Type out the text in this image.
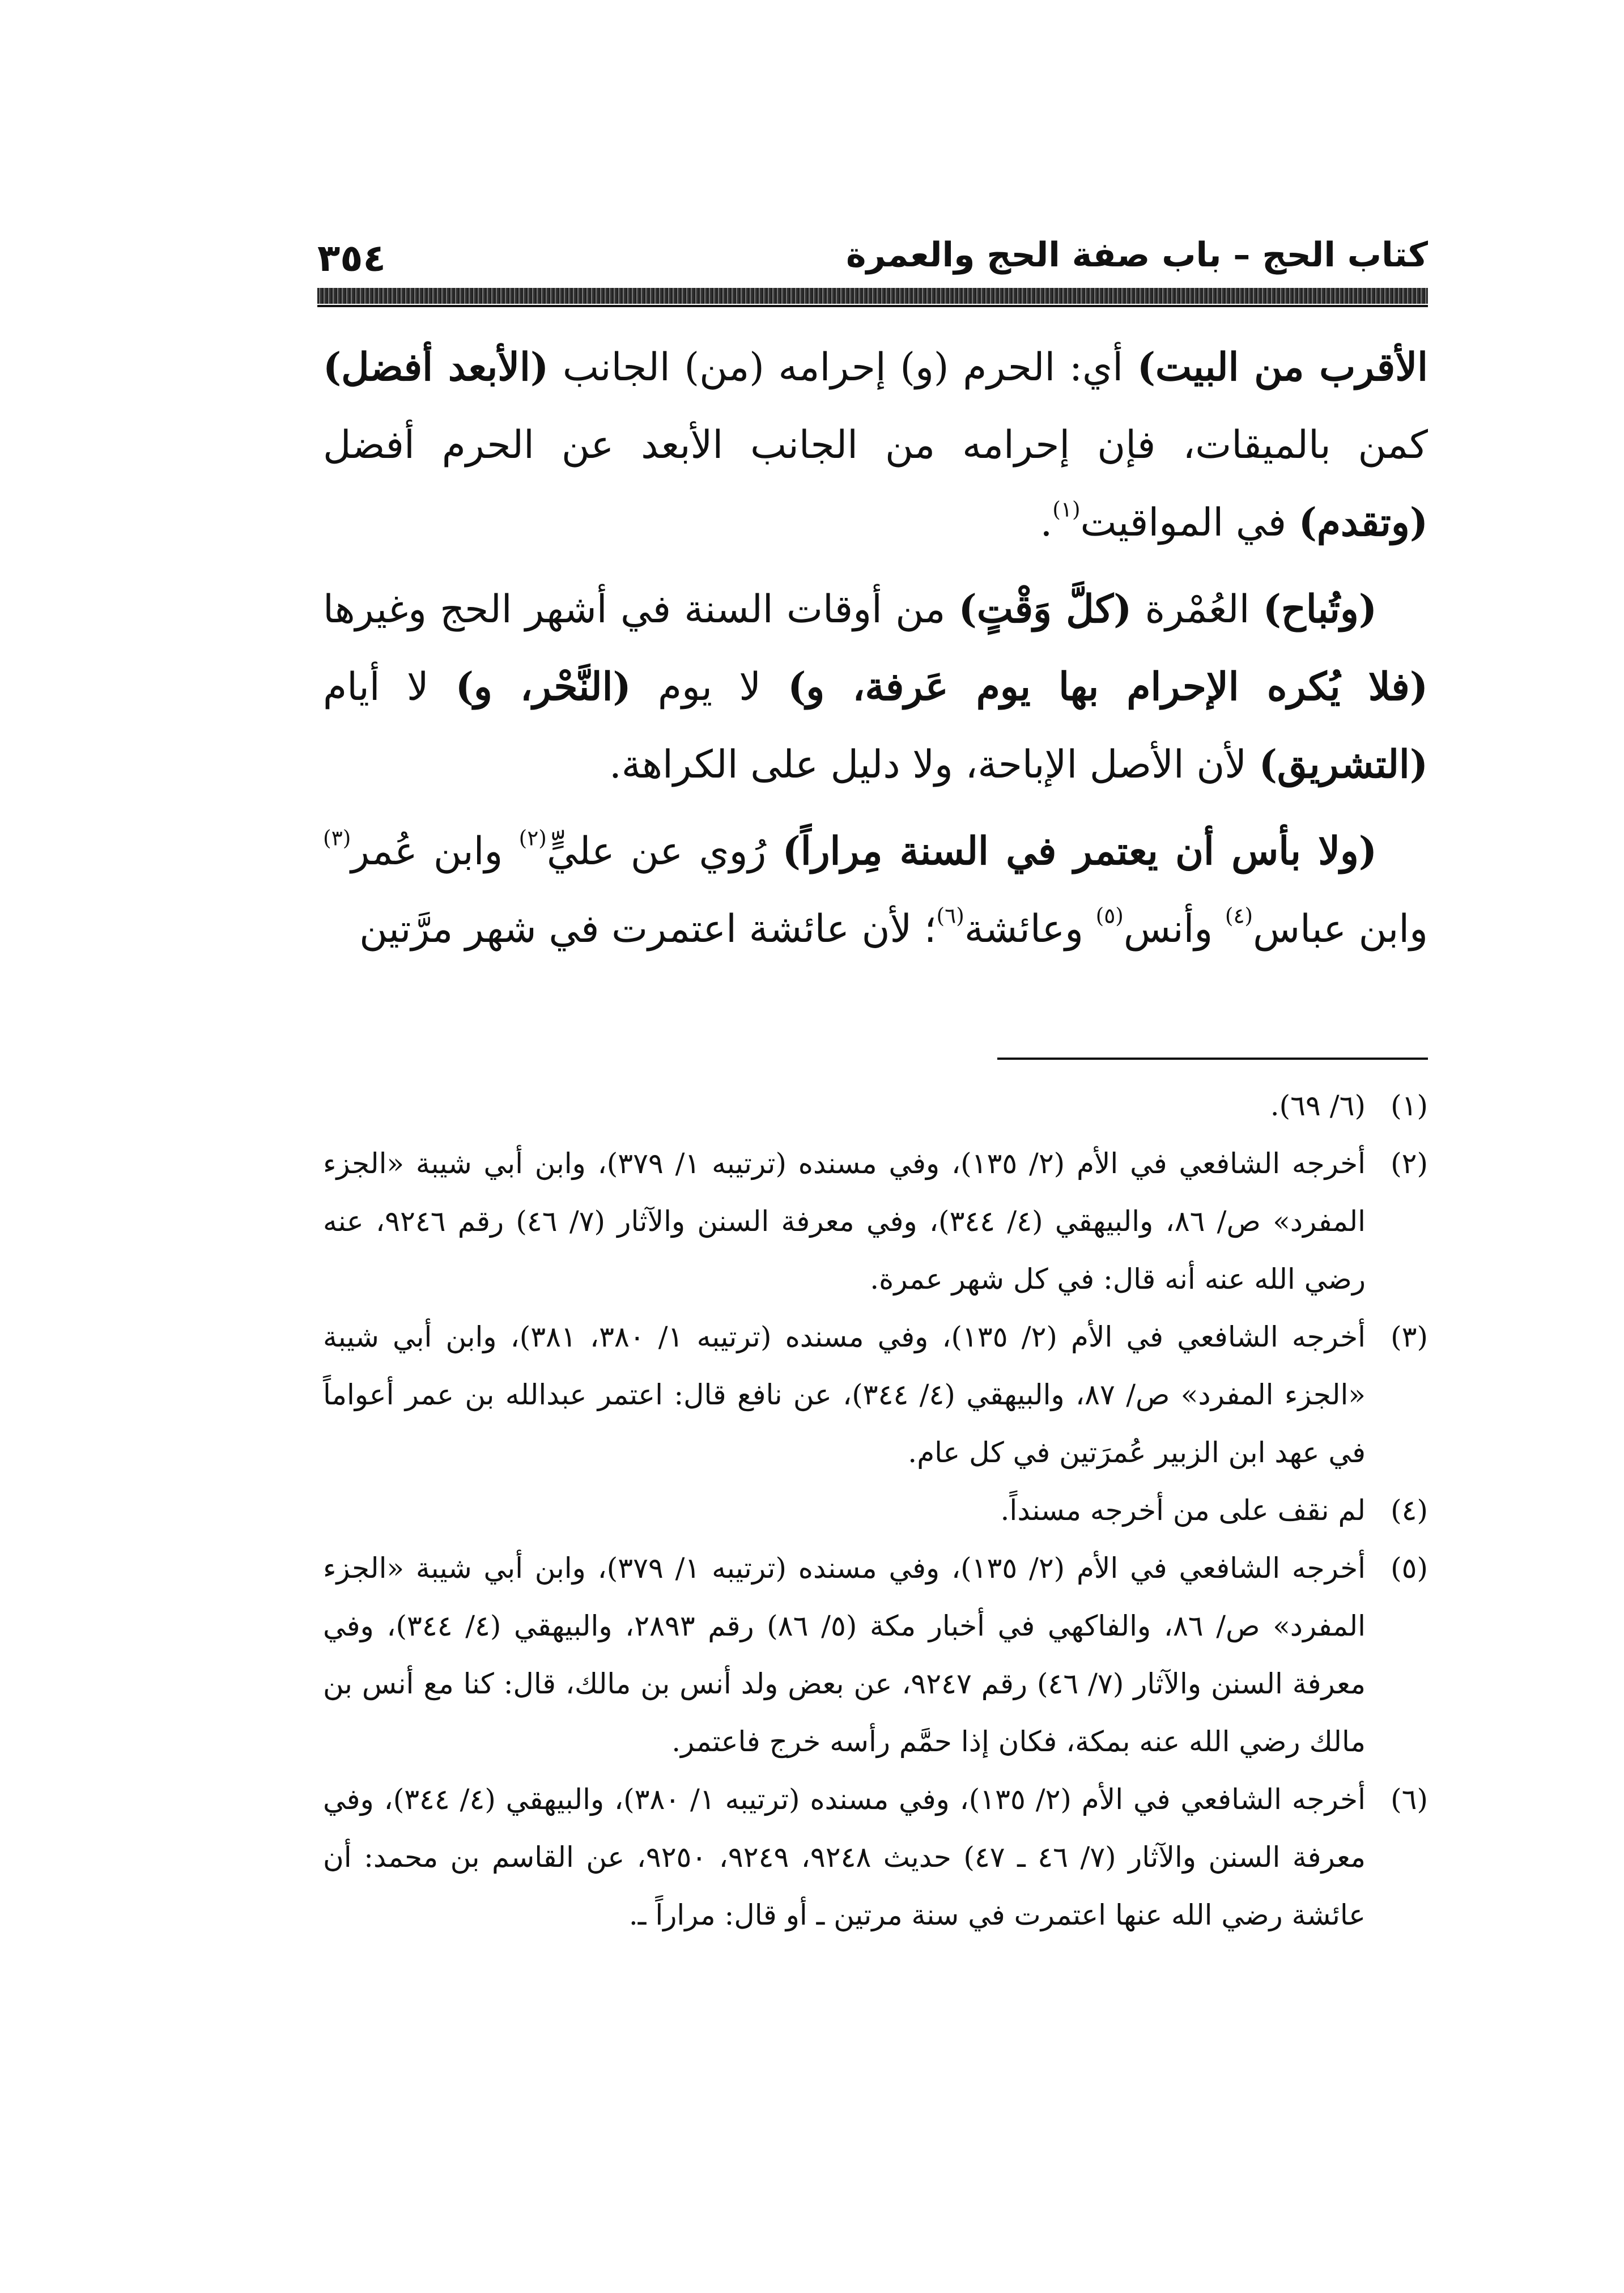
كتاب الحج – باب صفة الحج والعمرة
٣٥٤

الأقرب من البيت) أي: الحرم (و) إحرامه (من) الجانب (الأبعد أفضل) كمن بالميقات، فإن إحرامه من الجانب الأبعد عن الحرم أفضل (وتقدم) في المواقيت$^{(١)}$.

(وتُباح) العُمْرة (كلَّ وَقْتٍ) من أوقات السنة في أشهر الحج وغيرها (فلا يُكره الإحرام بها يوم عَرفة، و) لا يوم (النَّحْر، و) لا أيام (التشريق) لأن الأصل الإباحة، ولا دليل على الكراهة.

(ولا بأس أن يعتمر في السنة مِراراً) رُوي عن عليٍّ$^{(٢)}$ وابن عُمر$^{(٣)}$ وابن عباس$^{(٤)}$ وأنس$^{(٥)}$ وعائشة$^{(٦)}$؛ لأن عائشة اعتمرت في شهر مرَّتين

(١)
(٦/ ٦٩).

(٢)
أخرجه الشافعي في الأم (٢/ ١٣٥)، وفي مسنده (ترتيبه ١/ ٣٧٩)، وابن أبي شيبة «الجزء المفرد» ص/ ٨٦، والبيهقي (٤/ ٣٤٤)، وفي معرفة السنن والآثار (٧/ ٤٦) رقم ٩٢٤٦، عنه رضي الله عنه أنه قال: في كل شهر عمرة.

(٣)
أخرجه الشافعي في الأم (٢/ ١٣٥)، وفي مسنده (ترتيبه ١/ ٣٨٠، ٣٨١)، وابن أبي شيبة «الجزء المفرد» ص/ ٨٧، والبيهقي (٤/ ٣٤٤)، عن نافع قال: اعتمر عبدالله بن عمر أعواماً في عهد ابن الزبير عُمرَتين في كل عام.

(٤)
لم نقف على من أخرجه مسنداً.

(٥)
أخرجه الشافعي في الأم (٢/ ١٣٥)، وفي مسنده (ترتيبه ١/ ٣٧٩)، وابن أبي شيبة «الجزء المفرد» ص/ ٨٦، والفاكهي في أخبار مكة (٥/ ٨٦) رقم ٢٨٩٣، والبيهقي (٤/ ٣٤٤)، وفي معرفة السنن والآثار (٧/ ٤٦) رقم ٩٢٤٧، عن بعض ولد أنس بن مالك، قال: كنا مع أنس بن مالك رضي الله عنه بمكة، فكان إذا حمَّم رأسه خرج فاعتمر.

(٦)
أخرجه الشافعي في الأم (٢/ ١٣٥)، وفي مسنده (ترتيبه ١/ ٣٨٠)، والبيهقي (٤/ ٣٤٤)، وفي معرفة السنن والآثار (٧/ ٤٦ ـ ٤٧) حديث ٩٢٤٨، ٩٢٤٩، ٩٢٥٠، عن القاسم بن محمد: أن عائشة رضي الله عنها اعتمرت في سنة مرتين ـ أو قال: مراراً ـ.
